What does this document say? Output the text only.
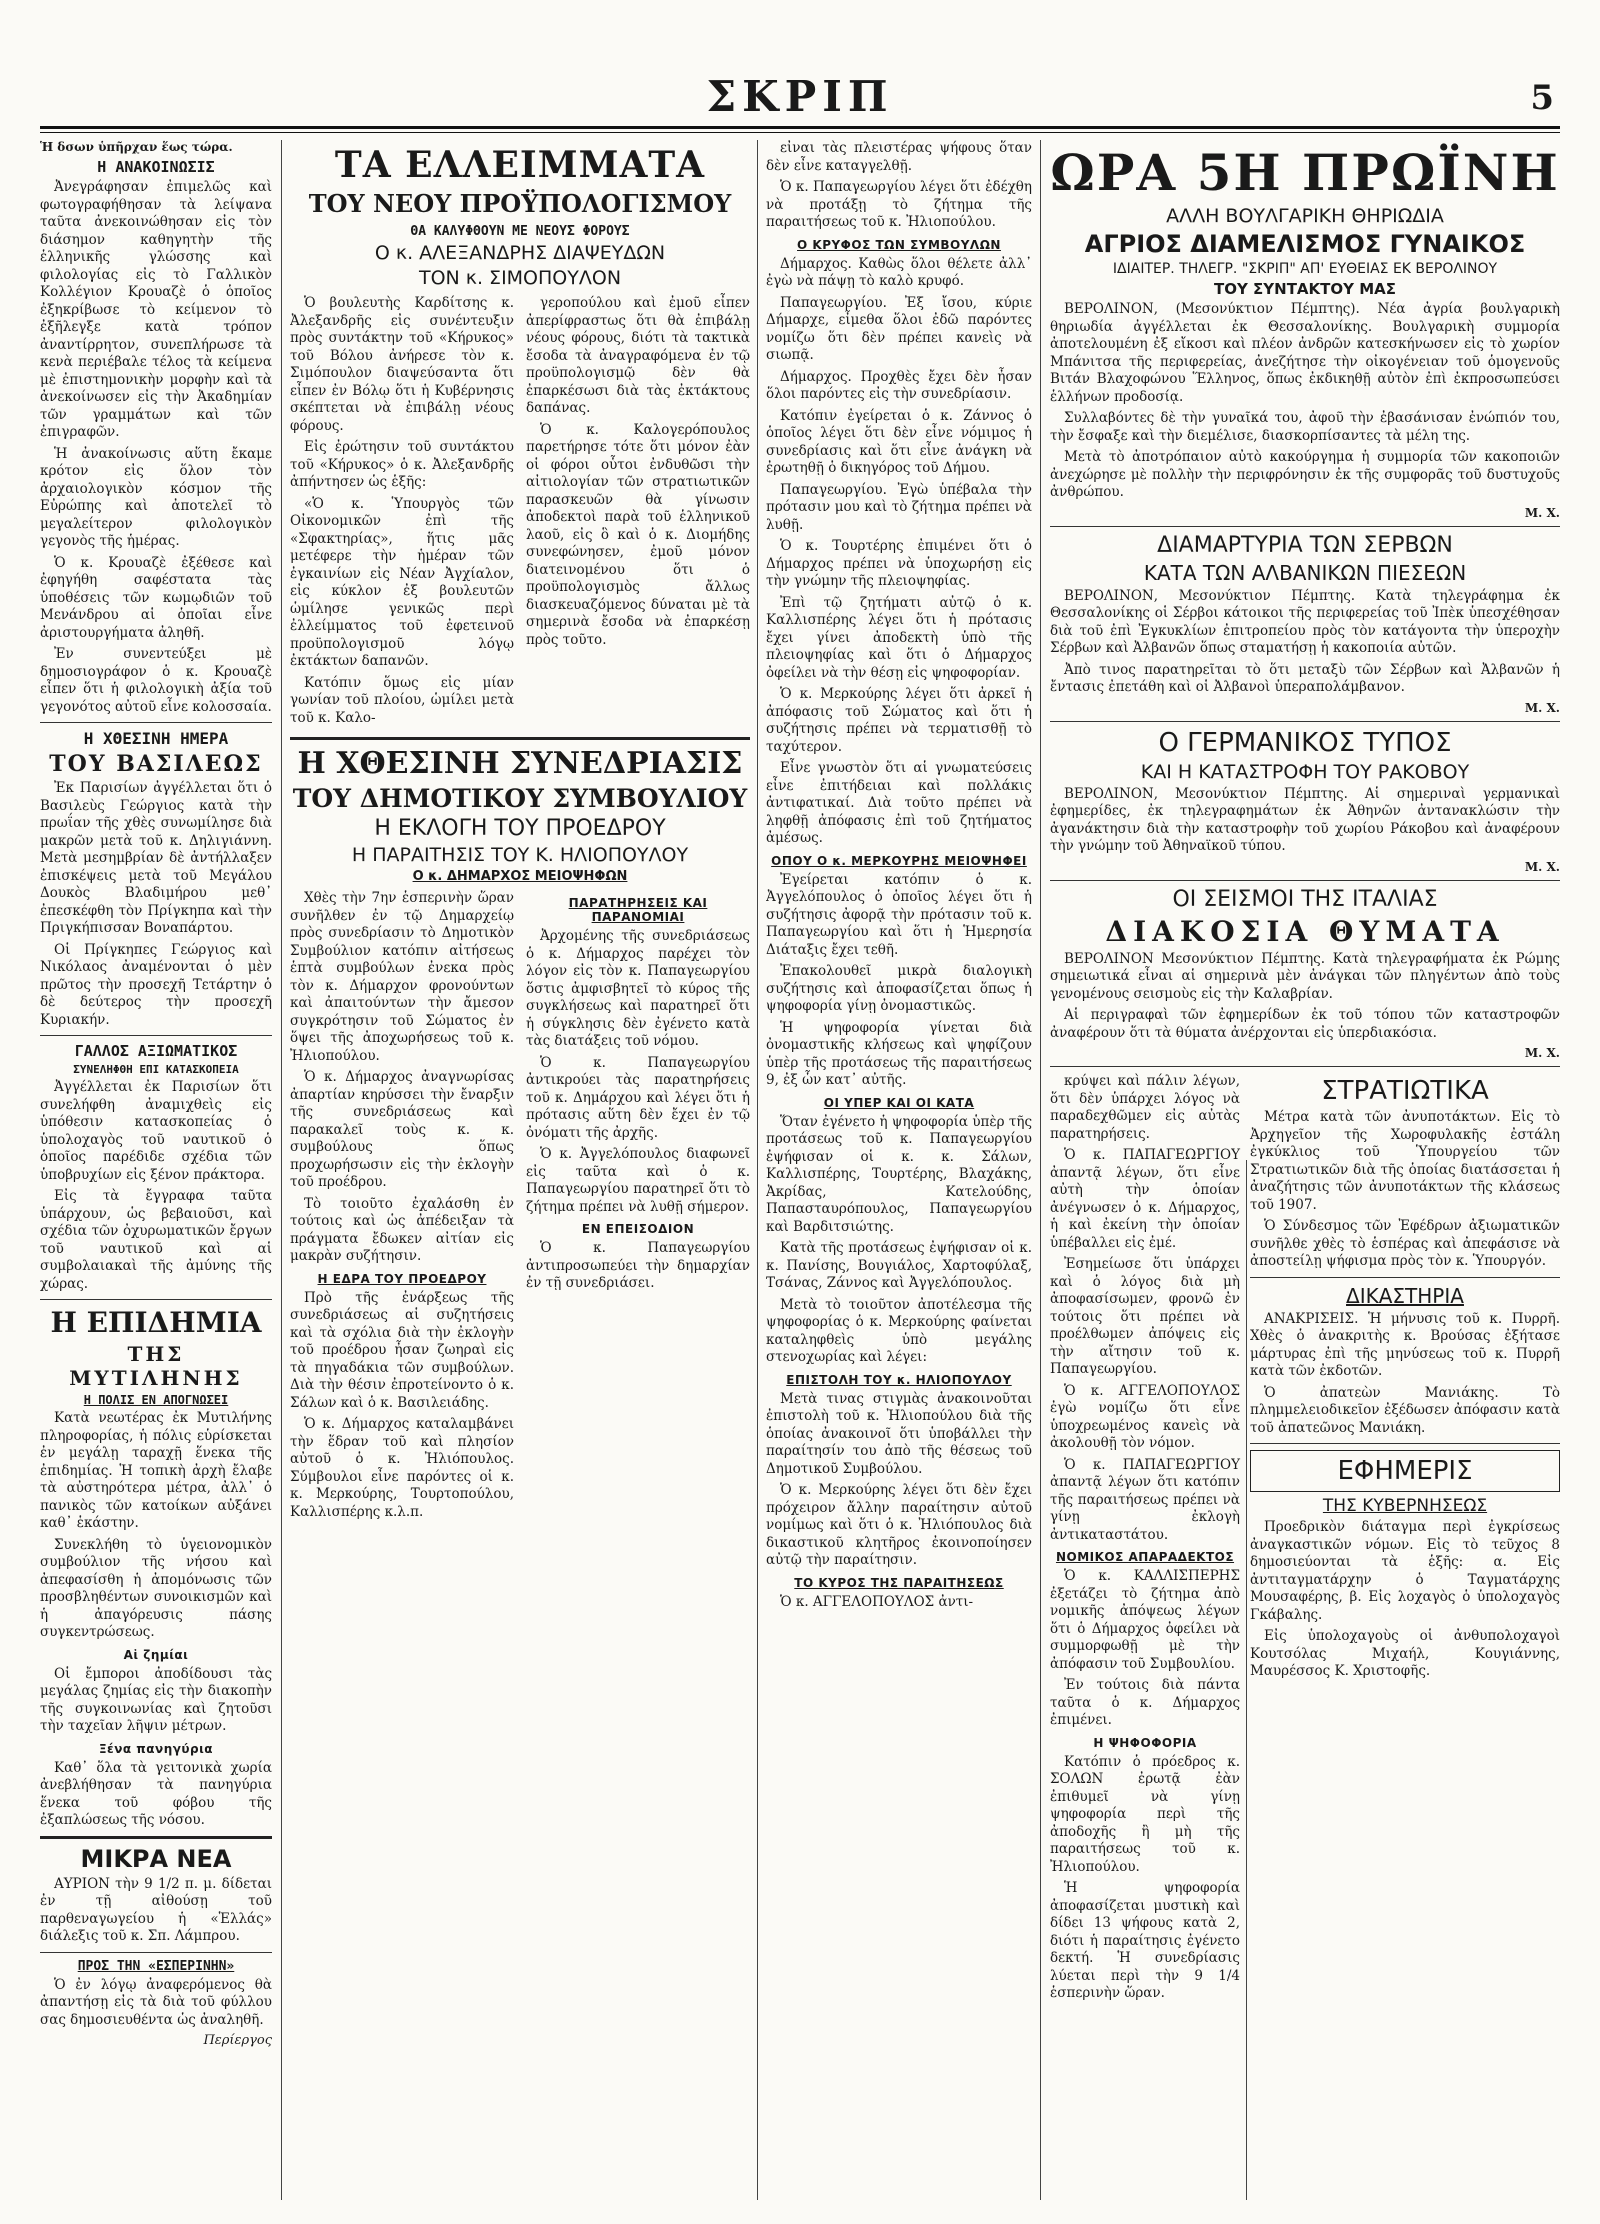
ΣΚΡΙΠ	5
Ἡ δσων ὑπῆρχαν ἕως τώρα.
Η ΑΝΑΚΟΙΝΩΣΙΣ

Ἀνεγράφησαν ἐπιμελῶς καὶ φωτογραφήθησαν τὰ λείψανα ταῦτα ἀνεκοινώθησαν εἰς τὸν διάσημον καθηγητὴν τῆς ἑλληνικῆς γλώσσης καὶ φιλολογίας εἰς τὸ Γαλλικὸν Κολλέγιον Κρουαζὲ ὁ ὁποῖος ἐξηκρίβωσε τὸ κείμενον τὸ ἐξῆλεγξε κατὰ τρόπον ἀναντίρρητον, συνεπλήρωσε τὰ κενὰ περιέβαλε τέλος τὰ κείμενα μὲ ἐπιστημονικὴν μορφὴν καὶ τὰ ἀνεκοίνωσεν εἰς τὴν Ἀκαδημίαν τῶν γραμμάτων καὶ τῶν ἐπιγραφῶν.

Ἡ ἀνακοίνωσις αὕτη ἔκαμε κρότον εἰς ὅλον τὸν ἀρχαιολογικὸν κόσμον τῆς Εὐρώπης καὶ ἀποτελεῖ τὸ μεγαλείτερον φιλολογικὸν γεγονὸς τῆς ἡμέρας.

Ὁ κ. Κρουαζὲ ἐξέθεσε καὶ ἐφηγήθη σαφέστατα τὰς ὑποθέσεις τῶν κωμῳδιῶν τοῦ Μενάνδρου αἱ ὁποῖαι εἶνε ἀριστουργήματα ἀληθῆ.

Ἐν συνεντεύξει μὲ δημοσιογράφον ὁ κ. Κρουαζὲ εἶπεν ὅτι ἡ φιλολογικὴ ἀξία τοῦ γεγονότος αὐτοῦ εἶνε κολοσσαία.

Η ΧΘΕΣΙΝΗ ΗΜΕΡΑ
ΤΟΥ ΒΑΣΙΛΕΩΣ

Ἐκ Παρισίων ἀγγέλλεται ὅτι ὁ Βασιλεὺς Γεώργιος κατὰ τὴν πρωΐαν τῆς χθὲς συνωμίλησε διὰ μακρῶν μετὰ τοῦ κ. Δηλιγιάννη. Μετὰ μεσημβρίαν δὲ ἀντήλλαξεν ἐπισκέψεις μετὰ τοῦ Μεγάλου Δουκὸς Βλαδιμήρου μεθ᾽ ἐπεσκέφθη τὸν Πρίγκηπα καὶ τὴν Πριγκήπισσαν Βοναπάρτου.

Οἱ Πρίγκηπες Γεώργιος καὶ Νικόλαος ἀναμένονται ὁ μὲν πρῶτος τὴν προσεχῆ Τετάρτην ὁ δὲ δεύτερος τὴν προσεχῆ Κυριακήν.

ΓΑΛΛΟΣ ΑΞΙΩΜΑΤΙΚΟΣ
ΣΥΝΕΛΗΦΘΗ ΕΠΙ ΚΑΤΑΣΚΟΠΕΙΑ

Ἀγγέλλεται ἐκ Παρισίων ὅτι συνελήφθη ἀναμιχθεὶς εἰς ὑπόθεσιν κατασκοπείας ὁ ὑπολοχαγὸς τοῦ ναυτικοῦ ὁ ὁποῖος παρέδιδε σχέδια τῶν ὑποβρυχίων εἰς ξένον πράκτορα.

Εἰς τὰ ἔγγραφα ταῦτα ὑπάρχουν, ὡς βεβαιοῦσι, καὶ σχέδια τῶν ὀχυρωματικῶν ἔργων τοῦ ναυτικοῦ καὶ αἱ συμβολαιακαὶ τῆς ἀμύνης τῆς χώρας.

Η ΕΠΙΔΗΜΙΑ
ΤΗΣ ΜΥΤΙΛΗΝΗΣ
Η ΠΟΛΙΣ ΕΝ ΑΠΟΓΝΩΣΕΙ

Κατὰ νεωτέρας ἐκ Μυτιλήνης πληροφορίας, ἡ πόλις εὑρίσκεται ἐν μεγάλῃ ταραχῇ ἕνεκα τῆς ἐπιδημίας. Ἡ τοπικὴ ἀρχὴ ἔλαβε τὰ αὐστηρότερα μέτρα, ἀλλ᾽ ὁ πανικὸς τῶν κατοίκων αὐξάνει καθ᾽ ἑκάστην.

Συνεκλήθη τὸ ὑγειονομικὸν συμβούλιον τῆς νήσου καὶ ἀπεφασίσθη ἡ ἀπομόνωσις τῶν προσβληθέντων συνοικισμῶν καὶ ἡ ἀπαγόρευσις πάσης συγκεντρώσεως.

Αἱ ζημίαι

Οἱ ἔμποροι ἀποδίδουσι τὰς μεγάλας ζημίας εἰς τὴν διακοπὴν τῆς συγκοινωνίας καὶ ζητοῦσι τὴν ταχεῖαν λῆψιν μέτρων.

Ξένα πανηγύρια

Καθ᾽ ὅλα τὰ γειτονικὰ χωρία ἀνεβλήθησαν τὰ πανηγύρια ἕνεκα τοῦ φόβου τῆς ἐξαπλώσεως τῆς νόσου.

ΜΙΚΡΑ ΝΕΑ

ΑΥΡΙΟΝ τὴν 9 1/2 π. μ. δίδεται ἐν τῇ αἰθούσῃ τοῦ παρθεναγωγείου ἡ «Ἑλλάς» διάλεξις τοῦ κ. Σπ. Λάμπρου.

ΠΡΟΣ ΤΗΝ «ΕΣΠΕΡΙΝΗΝ»

Ὁ ἐν λόγῳ ἀναφερόμενος θὰ ἀπαντήσῃ εἰς τὰ διὰ τοῦ φύλλου σας δημοσιευθέντα ὡς ἀναληθῆ.

Περίεργος
ΤΑ ΕΛΛΕΙΜΜΑΤΑ
ΤΟΥ ΝΕΟΥ ΠΡΟΫΠΟΛΟΓΙΣΜΟΥ
ΘΑ ΚΑΛΥΦΘΟΥΝ ΜΕ ΝΕΟΥΣ ΦΟΡΟΥΣ
Ο κ. ΑΛΕΞΑΝΔΡΗΣ ΔΙΑΨΕΥΔΩΝ
ΤΟΝ κ. ΣΙΜΟΠΟΥΛΟΝ

Ὁ βουλευτὴς Καρδίτσης κ. Ἀλεξανδρῆς εἰς συνέντευξιν πρὸς συντάκτην τοῦ «Κήρυκος» τοῦ Βόλου ἀνήρεσε τὸν κ. Σιμόπουλον διαψεύσαντα ὅτι εἶπεν ἐν Βόλῳ ὅτι ἡ Κυβέρνησις σκέπτεται νὰ ἐπιβάλῃ νέους φόρους.

Εἰς ἐρώτησιν τοῦ συντάκτου τοῦ «Κήρυκος» ὁ κ. Ἀλεξανδρῆς ἀπήντησεν ὡς ἑξῆς:

«Ὁ κ. Ὑπουργὸς τῶν Οἰκονομικῶν ἐπὶ τῆς «Σφακτηρίας», ἥτις μᾶς μετέφερε τὴν ἡμέραν τῶν ἐγκαινίων εἰς Νέαν Ἀγχίαλον, εἰς κύκλον ἐξ βουλευτῶν ὡμίλησε γενικῶς περὶ ἐλλείμματος τοῦ ἐφετεινοῦ προϋπολογισμοῦ λόγῳ ἐκτάκτων δαπανῶν.

Κατόπιν ὅμως εἰς μίαν γωνίαν τοῦ πλοίου, ὡμίλει μετὰ τοῦ κ. Καλο-

γεροπούλου καὶ ἐμοῦ εἶπεν ἀπερίφραστως ὅτι θὰ ἐπιβάλῃ νέους φόρους, διότι τὰ τακτικὰ ἔσοδα τὰ ἀναγραφόμενα ἐν τῷ προϋπολογισμῷ δὲν θὰ ἐπαρκέσωσι διὰ τὰς ἐκτάκτους δαπάνας.

Ὁ κ. Καλογερόπουλος παρετήρησε τότε ὅτι μόνον ἐὰν οἱ φόροι οὗτοι ἐνδυθῶσι τὴν αἰτιολογίαν τῶν στρατιωτικῶν παρασκευῶν θὰ γίνωσιν ἀποδεκτοὶ παρὰ τοῦ ἑλληνικοῦ λαοῦ, εἰς ὃ καὶ ὁ κ. Διομήδης συνεφώνησεν, ἐμοῦ μόνον διατεινομένου ὅτι ὁ προϋπολογισμὸς ἄλλως διασκευαζόμενος δύναται μὲ τὰ σημερινὰ ἔσοδα νὰ ἐπαρκέσῃ πρὸς τοῦτο.

Η ΧΘΕΣΙΝΗ ΣΥΝΕΔΡΙΑΣΙΣ
ΤΟΥ ΔΗΜΟΤΙΚΟΥ ΣΥΜΒΟΥΛΙΟΥ
Η ΕΚΛΟΓΗ ΤΟΥ ΠΡΟΕΔΡΟΥ
Η ΠΑΡΑΙΤΗΣΙΣ ΤΟΥ Κ. ΗΛΙΟΠΟΥΛΟΥ
Ο κ. ΔΗΜΑΡΧΟΣ ΜΕΙΟΨΗΦΩΝ

Χθὲς τὴν 7ην ἑσπερινὴν ὥραν συνῆλθεν ἐν τῷ Δημαρχείῳ πρὸς συνεδρίασιν τὸ Δημοτικὸν Συμβούλιον κατόπιν αἰτήσεως ἑπτὰ συμβούλων ἐνεκα πρὸς τὸν κ. Δήμαρχον φρονούντων καὶ ἀπαιτούντων τὴν ἄμεσον συγκρότησιν τοῦ Σώματος ἐν ὅψει τῆς ἀποχωρήσεως τοῦ κ. Ἠλιοπούλου.

Ὁ κ. Δήμαρχος ἀναγνωρίσας ἀπαρτίαν κηρύσσει τὴν ἔναρξιν τῆς συνεδριάσεως καὶ παρακαλεῖ τοὺς κ. κ. συμβούλους ὅπως προχωρήσωσιν εἰς τὴν ἐκλογὴν τοῦ προέδρου.

Τὸ τοιοῦτο ἐχαλάσθη ἐν τούτοις καὶ ὡς ἀπέδειξαν τὰ πράγματα ἔδωκεν αἰτίαν εἰς μακρὰν συζήτησιν.

Η ΕΔΡΑ ΤΟΥ ΠΡΟΕΔΡΟΥ

Πρὸ τῆς ἐνάρξεως τῆς συνεδριάσεως αἱ συζητήσεις καὶ τὰ σχόλια διὰ τὴν ἐκλογὴν τοῦ προέδρου ἦσαν ζωηραὶ εἰς τὰ πηγαδάκια τῶν συμβούλων. Διὰ τὴν θέσιν ἐπροτείνοντο ὁ κ. Σάλων καὶ ὁ κ. Βασιλειάδης.

Ὁ κ. Δήμαρχος καταλαμβάνει τὴν ἕδραν τοῦ καὶ πλησίον αὐτοῦ ὁ κ. Ἠλιόπουλος. Σύμβουλοι εἶνε παρόντες οἱ κ. κ. Μερκούρης, Τουρτοπούλου, Καλλισπέρης κ.λ.π.

ΠΑΡΑΤΗΡΗΣΕΙΣ ΚΑΙ ΠΑΡΑΝΟΜΙΑΙ

Ἀρχομένης τῆς συνεδριάσεως ὁ κ. Δήμαρχος παρέχει τὸν λόγον εἰς τὸν κ. Παπαγεωργίου ὅστις ἀμφισβητεῖ τὸ κύρος τῆς συγκλήσεως καὶ παρατηρεῖ ὅτι ἡ σύγκλησις δὲν ἐγένετο κατὰ τὰς διατάξεις τοῦ νόμου.

Ὁ κ. Παπαγεωργίου ἀντικρούει τὰς παρατηρήσεις τοῦ κ. Δημάρχου καὶ λέγει ὅτι ἡ πρότασις αὕτη δὲν ἔχει ἐν τῷ ὀνόματι τῆς ἀρχῆς.

Ὁ κ. Ἀγγελόπουλος διαφωνεῖ εἰς ταῦτα καὶ ὁ κ. Παπαγεωργίου παρατηρεῖ ὅτι τὸ ζήτημα πρέπει νὰ λυθῇ σήμερον.

ΕΝ ΕΠΕΙΣΟΔΙΟΝ

Ὁ κ. Παπαγεωργίου ἀντιπροσωπεύει τὴν δημαρχίαν ἐν τῇ συνεδριάσει.

εἶναι τὰς πλειστέρας ψήφους ὅταν δὲν εἶνε καταγγελθῇ.

Ὁ κ. Παπαγεωργίου λέγει ὅτι ἐδέχθη νὰ προτάξῃ τὸ ζήτημα τῆς παραιτήσεως τοῦ κ. Ἠλιοπούλου.

Ο ΚΡΥΦΟΣ ΤΩΝ ΣΥΜΒΟΥΛΩΝ

Δήμαρχος. Καθὼς ὅλοι θέλετε ἀλλ᾽ ἐγὼ νὰ πάψῃ τὸ καλὸ κρυφό.

Παπαγεωργίου. Ἐξ ἴσου, κύριε Δήμαρχε, εἶμεθα ὅλοι ἐδῶ παρόντες νομίζω ὅτι δὲν πρέπει κανεὶς νὰ σιωπᾷ.

Δήμαρχος. Προχθὲς ἔχει δὲν ἦσαν ὅλοι παρόντες εἰς τὴν συνεδρίασιν.

Κατόπιν ἐγείρεται ὁ κ. Ζάννος ὁ ὁποῖος λέγει ὅτι δὲν εἶνε νόμιμος ἡ συνεδρίασις καὶ ὅτι εἶνε ἀνάγκη νὰ ἐρωτηθῇ ὁ δικηγόρος τοῦ Δήμου.

Παπαγεωργίου. Ἐγὼ ὑπέβαλα τὴν πρότασιν μου καὶ τὸ ζήτημα πρέπει νὰ λυθῇ.

Ὁ κ. Τουρτέρης ἐπιμένει ὅτι ὁ Δήμαρχος πρέπει νὰ ὑποχωρήσῃ εἰς τὴν γνώμην τῆς πλειοψηφίας.

Ἐπὶ τῷ ζητήματι αὐτῷ ὁ κ. Καλλισπέρης λέγει ὅτι ἡ πρότασις ἔχει γίνει ἀποδεκτὴ ὑπὸ τῆς πλειοψηφίας καὶ ὅτι ὁ Δήμαρχος ὀφείλει νὰ τὴν θέσῃ εἰς ψηφοφορίαν.

Ὁ κ. Μερκούρης λέγει ὅτι ἀρκεῖ ἡ ἀπόφασις τοῦ Σώματος καὶ ὅτι ἡ συζήτησις πρέπει νὰ τερματισθῇ τὸ ταχύτερον.

Εἶνε γνωστὸν ὅτι αἱ γνωματεύσεις εἶνε ἐπιτήδειαι καὶ πολλάκις ἀντιφατικαί. Διὰ τοῦτο πρέπει νὰ ληφθῇ ἀπόφασις ἐπὶ τοῦ ζητήματος ἀμέσως.

ΟΠΟΥ Ο κ. ΜΕΡΚΟΥΡΗΣ ΜΕΙΟΨΗΦΕΙ

Ἐγείρεται κατόπιν ὁ κ. Ἀγγελόπουλος ὁ ὁποῖος λέγει ὅτι ἡ συζήτησις ἀφορᾷ τὴν πρότασιν τοῦ κ. Παπαγεωργίου καὶ ὅτι ἡ Ἡμερησία Διάταξις ἔχει τεθῆ.

Ἐπακολουθεῖ μικρὰ διαλογικὴ συζήτησις καὶ ἀποφασίζεται ὅπως ἡ ψηφοφορία γίνῃ ὀνομαστικῶς.

Ἡ ψηφοφορία γίνεται διὰ ὀνομαστικῆς κλήσεως καὶ ψηφίζουν ὑπὲρ τῆς προτάσεως τῆς παραιτήσεως 9, ἐξ ὧν κατ᾽ αὐτῆς.

ΟΙ ΥΠΕΡ ΚΑΙ ΟΙ ΚΑΤΑ

Ὅταν ἐγένετο ἡ ψηφοφορία ὑπὲρ τῆς προτάσεως τοῦ κ. Παπαγεωργίου ἐψήφισαν οἱ κ. κ. Σάλων, Καλλισπέρης, Τουρτέρης, Βλαχάκης, Ἀκρίδας, Κατελούδης, Παπασταυρόπουλος, Παπαγεωργίου καὶ Βαρδιτσιώτης.

Κατὰ τῆς προτάσεως ἐψήφισαν οἱ κ. κ. Πανίσης, Βουγιάλος, Χαρτοφύλαξ, Τσάνας, Ζάννος καὶ Ἀγγελόπουλος.

Μετὰ τὸ τοιοῦτον ἀποτέλεσμα τῆς ψηφοφορίας ὁ κ. Μερκούρης φαίνεται καταληφθεὶς ὑπὸ μεγάλης στενοχωρίας καὶ λέγει:

ΕΠΙΣΤΟΛΗ ΤΟΥ κ. ΗΛΙΟΠΟΥΛΟΥ

Μετὰ τινας στιγμὰς ἀνακοινοῦται ἐπιστολὴ τοῦ κ. Ἠλιοπούλου διὰ τῆς ὁποίας ἀνακοινοῖ ὅτι ὑποβάλλει τὴν παραίτησίν του ἀπὸ τῆς θέσεως τοῦ Δημοτικοῦ Συμβούλου.

Ὁ κ. Μερκούρης λέγει ὅτι δὲν ἔχει πρόχειρον ἄλλην παραίτησιν αὐτοῦ νομίμως καὶ ὅτι ὁ κ. Ἠλιόπουλος διὰ δικαστικοῦ κλητῆρος ἐκοινοποίησεν αὐτῷ τὴν παραίτησιν.

ΤΟ ΚΥΡΟΣ ΤΗΣ ΠΑΡΑΙΤΗΣΕΩΣ

Ὁ κ. ΑΓΓΕΛΟΠΟΥΛΟΣ ἀντι-

ΩΡΑ 5Η ΠΡΩΪΝΗ
ΑΛΛΗ ΒΟΥΛΓΑΡΙΚΗ ΘΗΡΙΩΔΙΑ
ΑΓΡΙΟΣ ΔΙΑΜΕΛΙΣΜΟΣ ΓΥΝΑΙΚΟΣ
ΙΔΙΑΙΤΕΡ. ΤΗΛΕΓΡ. "ΣΚΡΙΠ" ΑΠ' ΕΥΘΕΙΑΣ ΕΚ ΒΕΡΟΛΙΝΟΥ
ΤΟΥ ΣΥΝΤΑΚΤΟΥ ΜΑΣ

ΒΕΡΟΛΙΝΟΝ, (Μεσονύκτιον Πέμπτης). Νέα ἀγρία βουλγαρικὴ θηριωδία ἀγγέλλεται ἐκ Θεσσαλονίκης. Βουλγαρικὴ συμμορία ἀποτελουμένη ἐξ εἴκοσι καὶ πλέον ἀνδρῶν κατεσκήνωσεν εἰς τὸ χωρίον Μπάνιτσα τῆς περιφερείας, ἀνεζήτησε τὴν οἰκογένειαν τοῦ ὁμογενοῦς Βιτάν Βλαχοφώνου Ἕλληνος, ὅπως ἐκδικηθῇ αὐτὸν ἐπὶ ἐκπροσωπεύσει ἑλλήνων προδοσίᾳ.

Συλλαβόντες δὲ τὴν γυναῖκά του, ἀφοῦ τὴν ἐβασάνισαν ἐνώπιόν του, τὴν ἔσφαξε καὶ τὴν διεμέλισε, διασκορπίσαντες τὰ μέλη της.

Μετὰ τὸ ἀποτρόπαιον αὐτὸ κακούργημα ἡ συμμορία τῶν κακοποιῶν ἀνεχώρησε μὲ πολλὴν τὴν περιφρόνησιν ἐκ τῆς συμφορᾶς τοῦ δυστυχοῦς ἀνθρώπου.

Μ. Χ.
ΔΙΑΜΑΡΤΥΡΙΑ ΤΩΝ ΣΕΡΒΩΝ
ΚΑΤΑ ΤΩΝ ΑΛΒΑΝΙΚΩΝ ΠΙΕΣΕΩΝ

ΒΕΡΟΛΙΝΟΝ, Μεσονύκτιον Πέμπτης. Κατὰ τηλεγράφημα ἐκ Θεσσαλονίκης οἱ Σέρβοι κάτοικοι τῆς περιφερείας τοῦ Ἰπὲκ ὑπεσχέθησαν διὰ τοῦ ἐπὶ Ἐγκυκλίων ἐπιτροπείου πρὸς τὸν κατάγοντα τὴν ὑπεροχὴν Σέρβων καὶ Ἀλβανῶν ὅπως σταματήσῃ ἡ κακοποιία αὐτῶν.

Ἀπὸ τινος παρατηρεῖται τὸ ὅτι μεταξὺ τῶν Σέρβων καὶ Ἀλβανῶν ἡ ἔντασις ἐπετάθη καὶ οἱ Ἀλβανοὶ ὑπεραπολάμβανον.

Μ. Χ.
Ο ΓΕΡΜΑΝΙΚΟΣ ΤΥΠΟΣ
ΚΑΙ Η ΚΑΤΑΣΤΡΟΦΗ ΤΟΥ ΡΑΚΟΒΟΥ

ΒΕΡΟΛΙΝΟΝ, Μεσονύκτιον Πέμπτης. Αἱ σημεριναὶ γερμανικαὶ ἐφημερίδες, ἐκ τηλεγραφημάτων ἐκ Ἀθηνῶν ἀντανακλώσιν τὴν ἀγανάκτησιν διὰ τὴν καταστροφὴν τοῦ χωρίου Ράκοβου καὶ ἀναφέρουν τὴν γνώμην τοῦ Ἀθηναϊκοῦ τύπου.

Μ. Χ.
ΟΙ ΣΕΙΣΜΟΙ ΤΗΣ ΙΤΑΛΙΑΣ
ΔΙΑΚΟΣΙΑ ΘΥΜΑΤΑ

ΒΕΡΟΛΙΝΟΝ Μεσονύκτιον Πέμπτης. Κατὰ τηλεγραφήματα ἐκ Ρώμης σημειωτικά εἶναι αἱ σημερινὰ μὲν ἀνάγκαι τῶν πληγέντων ἀπὸ τοὺς γενομένους σεισμοὺς εἰς τὴν Καλαβρίαν.

Αἱ περιγραφαὶ τῶν ἐφημερίδων ἐκ τοῦ τόπου τῶν καταστροφῶν ἀναφέρουν ὅτι τὰ θύματα ἀνέρχονται εἰς ὑπερδιακόσια.

Μ. Χ.

κρύψει καὶ πάλιν λέγων, ὅτι δὲν ὑπάρχει λόγος νὰ παραδεχθῶμεν εἰς αὐτὰς παρατηρήσεις.

Ὁ κ. ΠΑΠΑΓΕΩΡΓΙΟΥ ἀπαντᾷ λέγων, ὅτι εἶνε αὐτὴ τὴν ὁποίαν ἀνέγνωσεν ὁ κ. Δήμαρχος, ἡ καὶ ἐκείνη τὴν ὁποίαν ὑπέβαλλει εἰς ἐμέ.

Ἐσημείωσε ὅτι ὑπάρχει καὶ ὁ λόγος διὰ μὴ ἀποφασίσωμεν, φρονῶ ἐν τούτοις ὅτι πρέπει νὰ προέλθωμεν ἀπόψεις εἰς τὴν αἴτησιν τοῦ κ. Παπαγεωργίου.

Ὁ κ. ΑΓΓΕΛΟΠΟΥΛΟΣ ἐγὼ νομίζω ὅτι εἶνε ὑποχρεωμένος κανεὶς νὰ ἀκολουθῇ τὸν νόμον.

Ὁ κ. ΠΑΠΑΓΕΩΡΓΙΟΥ ἀπαντᾷ λέγων ὅτι κατόπιν τῆς παραιτήσεως πρέπει νὰ γίνῃ ἐκλογὴ ἀντικαταστάτου.

ΝΟΜΙΚΟΣ ΑΠΑΡΑΔΕΚΤΟΣ

Ὁ κ. ΚΑΛΛΙΣΠΕΡΗΣ ἐξετάζει τὸ ζήτημα ἀπὸ νομικῆς ἀπόψεως λέγων ὅτι ὁ Δήμαρχος ὀφείλει νὰ συμμορφωθῇ μὲ τὴν ἀπόφασιν τοῦ Συμβουλίου.

Ἐν τούτοις διὰ πάντα ταῦτα ὁ κ. Δήμαρχος ἐπιμένει.

Η ΨΗΦΟΦΟΡΙΑ

Κατόπιν ὁ πρόεδρος κ. ΣΟΛΩΝ ἐρωτᾷ ἐὰν ἐπιθυμεῖ νὰ γίνῃ ψηφοφορία περὶ τῆς ἀποδοχῆς ἢ μὴ τῆς παραιτήσεως τοῦ κ. Ἠλιοπούλου.

Ἡ ψηφοφορία ἀποφασίζεται μυστικὴ καὶ δίδει 13 ψήφους κατὰ 2, διότι ἡ παραίτησις ἐγένετο δεκτή. Ἡ συνεδρίασις λύεται περὶ τὴν 9 1/4 ἑσπερινὴν ὥραν.

ΣΤΡΑΤΙΩΤΙΚΑ

Μέτρα κατὰ τῶν ἀνυποτάκτων. Εἰς τὸ Ἀρχηγεῖον τῆς Χωροφυλακῆς ἐστάλη ἐγκύκλιος τοῦ Ὑπουργείου τῶν Στρατιωτικῶν διὰ τῆς ὁποίας διατάσσεται ἡ ἀναζήτησις τῶν ἀνυποτάκτων τῆς κλάσεως τοῦ 1907.

Ὁ Σύνδεσμος τῶν Ἐφέδρων ἀξιωματικῶν συνῆλθε χθὲς τὸ ἑσπέρας καὶ ἀπεφάσισε νὰ ἀποστείλῃ ψήφισμα πρὸς τὸν κ. Ὑπουργόν.

ΔΙΚΑΣΤΗΡΙΑ

ΑΝΑΚΡΙΣΕΙΣ. Ἡ μήνυσις τοῦ κ. Πυρρῆ. Χθὲς ὁ ἀνακριτὴς κ. Βρούσας ἐξήτασε μάρτυρας ἐπὶ τῆς μηνύσεως τοῦ κ. Πυρρῆ κατὰ τῶν ἐκδοτῶν.

Ὁ ἀπατεὼν Μανιάκης. Τὸ πλημμελειοδικεῖον ἐξέδωσεν ἀπόφασιν κατὰ τοῦ ἀπατεῶνος Μανιάκη.

ΕΦΗΜΕΡΙΣ
ΤΗΣ ΚΥΒΕΡΝΗΣΕΩΣ

Προεδρικὸν διάταγμα περὶ ἐγκρίσεως ἀναγκαστικῶν νόμων. Εἰς τὸ τεῦχος 8 δημοσιεύονται τὰ ἑξῆς: α. Εἰς ἀντιταγματάρχην ὁ Ταγματάρχης Μουσαφέρης, β. Εἰς λοχαγὸς ὁ ὑπολοχαγὸς Γκάβαλης.

Εἰς ὑπολοχαγοὺς οἱ ἀνθυπολοχαγοὶ Κουτσόλας Μιχαήλ, Κουγιάννης, Μαυρέσσος Κ. Χριστοφῆς.
